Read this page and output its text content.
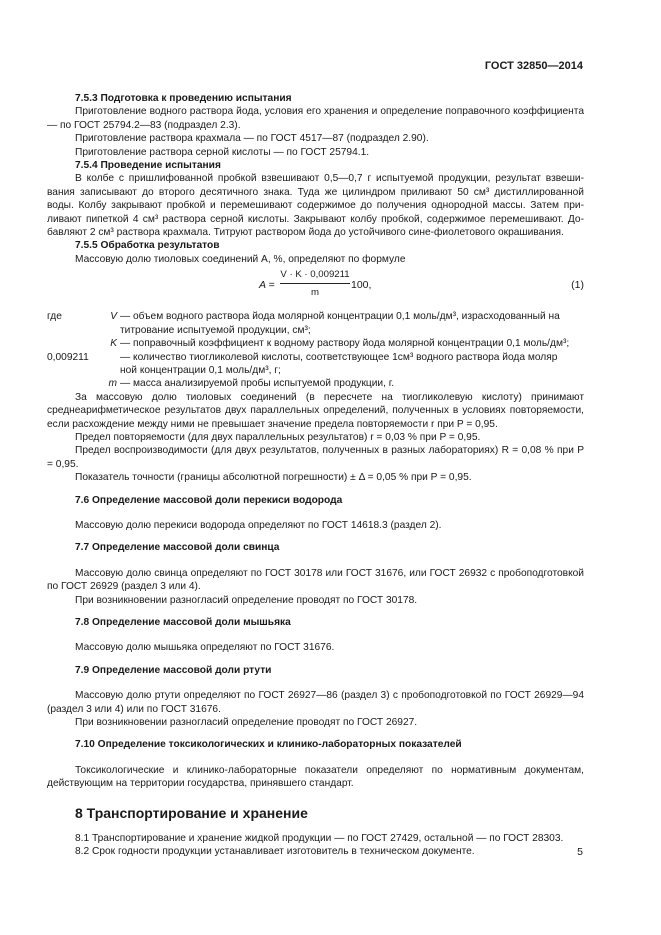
ГОСТ 32850—2014

7.5.3 Подготовка к проведению испытания

Приготовление водного раствора йода, условия его хранения и определение поправочного коэффициента — по ГОСТ 25794.2—83 (подраздел 2.3).

Приготовление раствора крахмала — по ГОСТ 4517—87 (подраздел 2.90).

Приготовление раствора серной кислоты — по ГОСТ 25794.1.

7.5.4 Проведение испытания

В колбе с пришлифованной пробкой взвешивают 0,5—0,7 г испытуемой продукции, результат взвешивания записывают до второго десятичного знака. Туда же цилиндром приливают 50 см³ дистиллированной воды. Колбу закрывают пробкой и перемешивают содержимое до получения однородной массы. Затем приливают пипеткой 4 см³ раствора серной кислоты. Закрывают колбу пробкой, содержимое перемешивают. Добавляют 2 см³ раствора крахмала. Титруют раствором йода до устойчивого сине-фиолетового окрашивания.

7.5.5 Обработка результатов

Массовую долю тиоловых соединений А, %, определяют по формуле

$A = \frac{V \cdot K \cdot 0,009211}{m} 100$,	(1)
где	V — объем водного раствора йода молярной концентрации 0,1 моль/дм³, израсходованный на
титрование испытуемой продукции, см³;
K — поправочный коэффициент к водному раствору йода молярной концентрации 0,1 моль/дм³;
0,009211	— количество тиогликолевой кислоты, соответствующее 1см³ водного раствора йода моляр
ной концентрации 0,1 моль/дм³, г;
m — масса анализируемой пробы испытуемой продукции, г.

За массовую долю тиоловых соединений (в пересчете на тиогликолевую кислоту) принимают среднеарифметическое результатов двух параллельных определений, полученных в условиях повторяемости, если расхождение между ними не превышает значение предела повторяемости r при P = 0,95.

Предел повторяемости (для двух параллельных результатов) r = 0,03 % при P = 0,95.

Предел воспроизводимости (для двух результатов, полученных в разных лабораториях) R = 0,08 % при P = 0,95.

Показатель точности (границы абсолютной погрешности) ± Δ = 0,05 % при P = 0,95.

7.6 Определение массовой доли перекиси водорода

Массовую долю перекиси водорода определяют по ГОСТ 14618.3 (раздел 2).

7.7 Определение массовой доли свинца

Массовую долю свинца определяют по ГОСТ 30178 или ГОСТ 31676, или ГОСТ 26932 с пробоподготовкой по ГОСТ 26929 (раздел 3 или 4).

При возникновении разногласий определение проводят по ГОСТ 30178.

7.8 Определение массовой доли мышьяка

Массовую долю мышьяка определяют по ГОСТ 31676.

7.9 Определение массовой доли ртути

Массовую долю ртути определяют по ГОСТ 26927—86 (раздел 3) с пробоподготовкой по ГОСТ 26929—94 (раздел 3 или 4) или по ГОСТ 31676.

При возникновении разногласий определение проводят по ГОСТ 26927.

7.10 Определение токсикологических и клинико-лабораторных показателей

Токсикологические и клинико-лабораторные показатели определяют по нормативным документам, действующим на территории государства, принявшего стандарт.

8 Транспортирование и хранение

8.1 Транспортирование и хранение жидкой продукции — по ГОСТ 27429, остальной — по ГОСТ 28303.

8.2 Срок годности продукции устанавливает изготовитель в техническом документе.	5
